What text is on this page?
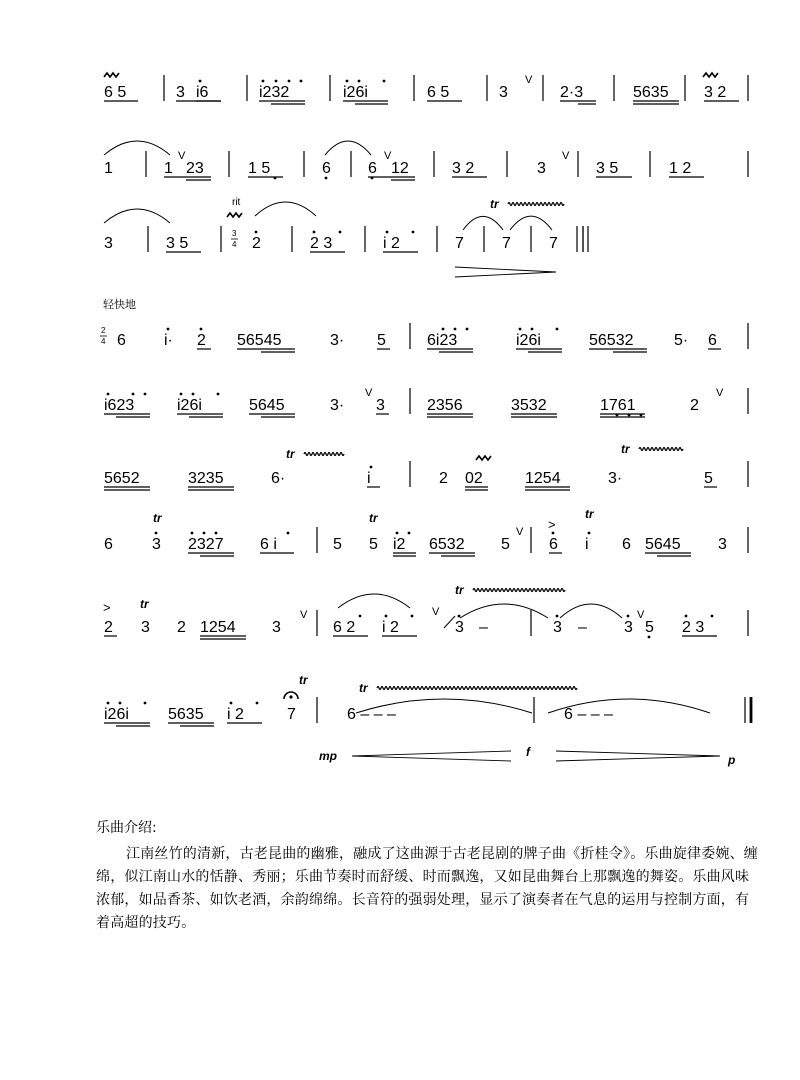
6 5	3 i6	i232	i26i	6 5	3
V
2·3	5635 3 2
1	1
V
23	1 5	6 6
V
12	3 2	3
V
3 5	1 2
3	3 5	2	2 3	i 2	7 7 7
tr
3
4
rit
6 i· 2 56545	3· 5	6i23	i26i	56532	5· 6
2
4
i623	i26i	5645	3·
V
3	2356	3532	1761	2
V
5652	3235	6·	i	2 02	1254	3·	5
tr	tr
6 3 2327 6 i	5 5 i2 6532 5
V
6
>
i 6 5645 3
tr	tr	tr
2
>
3 2 1254 3
V
6 2 i 2	3 –	3 – 3
V
5 2 3
tr
tr
V
i26i 5635 i 2	7	6 – – –	6 – – –
tr
tr
mp	f
p
轻快地
乐曲介绍:
江南丝竹的清新，古老昆曲的幽雅，融成了这曲源于古老昆剧的牌子曲《折桂令》。乐曲旋律委婉、缠绵，似江南山水的恬静、秀丽；乐曲节奏时而舒缓、时而飘逸，又如昆曲舞台上那飘逸的舞姿。乐曲风味浓郁，如品香茶、如饮老酒，余韵绵绵。长音符的强弱处理，显示了演奏者在气息的运用与控制方面，有着高超的技巧。
